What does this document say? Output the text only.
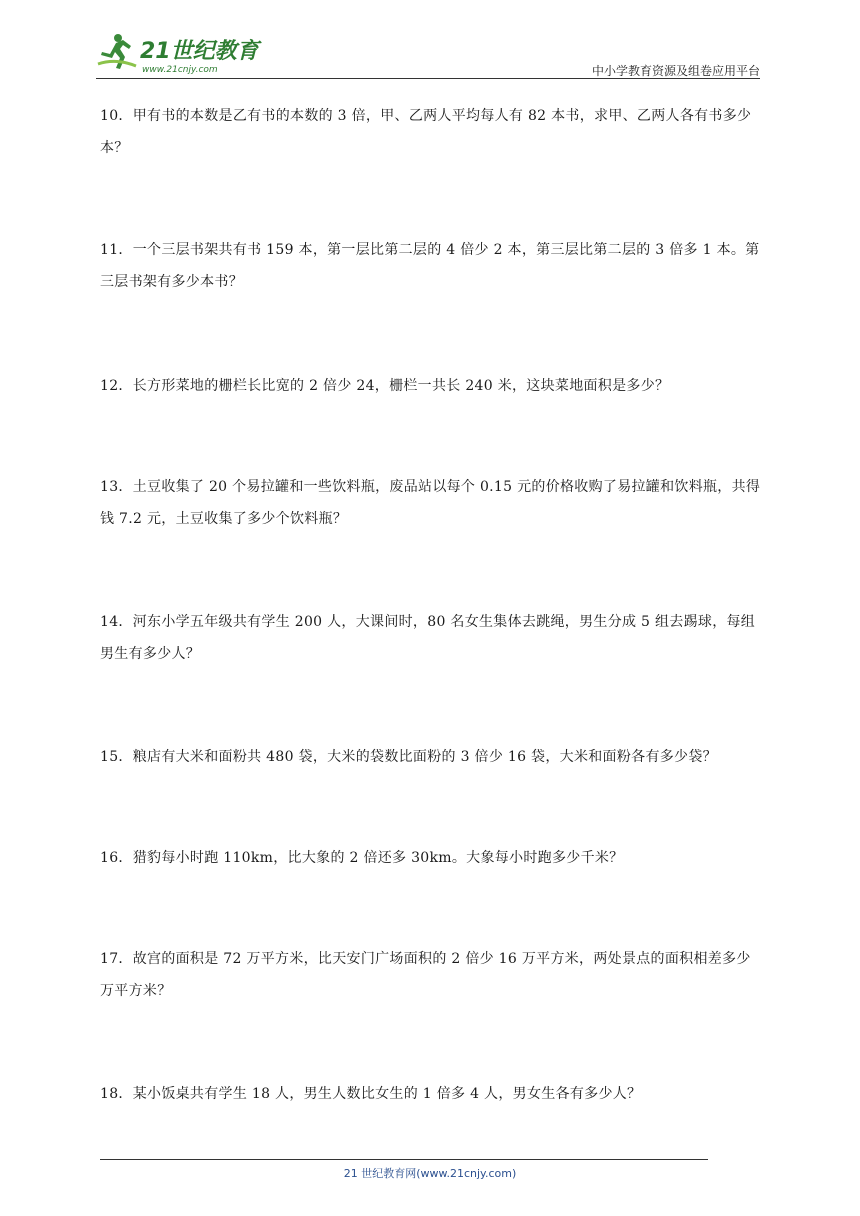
21世纪教育
www.21cnjy.com	中小学教育资源及组卷应用平台

10．甲有书的本数是乙有书的本数的 3 倍，甲、乙两人平均每人有 82 本书，求甲、乙两人各有书多少本？

11．一个三层书架共有书 159 本，第一层比第二层的 4 倍少 2 本，第三层比第二层的 3 倍多 1 本。第三层书架有多少本书？

12．长方形菜地的栅栏长比宽的 2 倍少 24，栅栏一共长 240 米，这块菜地面积是多少？

13．土豆收集了 20 个易拉罐和一些饮料瓶，废品站以每个 0.15 元的价格收购了易拉罐和饮料瓶，共得钱 7.2 元，土豆收集了多少个饮料瓶？

14．河东小学五年级共有学生 200 人，大课间时，80 名女生集体去跳绳，男生分成 5 组去踢球，每组男生有多少人？

15．粮店有大米和面粉共 480 袋，大米的袋数比面粉的 3 倍少 16 袋，大米和面粉各有多少袋？

16．猎豹每小时跑 110km，比大象的 2 倍还多 30km。大象每小时跑多少千米？

17．故宫的面积是 72 万平方米，比天安门广场面积的 2 倍少 16 万平方米，两处景点的面积相差多少万平方米？

18．某小饭桌共有学生 18 人，男生人数比女生的 1 倍多 4 人，男女生各有多少人？

21 世纪教育网(www.21cnjy.com)
